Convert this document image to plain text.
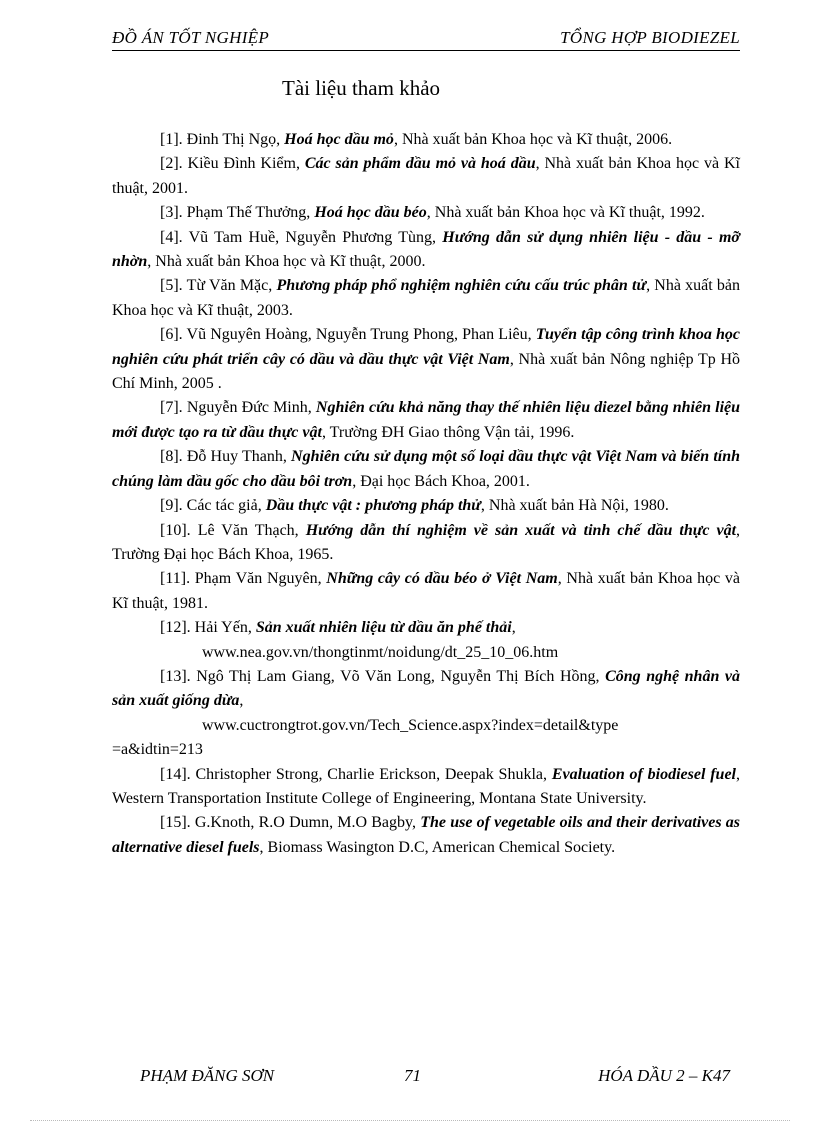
ĐỒ ÁN TỐT NGHIỆP	TỔNG HỢP BIODIEZEL
Tài liệu tham khảo

[1]. Đinh Thị Ngọ, Hoá học dầu mỏ, Nhà xuất bản Khoa học và Kĩ thuật, 2006.

[2]. Kiều Đình Kiểm, Các sản phẩm dầu mỏ và hoá dầu, Nhà xuất bản Khoa học và Kĩ thuật, 2001.

[3]. Phạm Thế Thưởng, Hoá học dầu béo, Nhà xuất bản Khoa học và Kĩ thuật, 1992.

[4]. Vũ Tam Huề, Nguyễn Phương Tùng, Hướng dẫn sử dụng nhiên liệu - dầu - mỡ nhờn, Nhà xuất bản Khoa học và Kĩ thuật, 2000.

[5]. Từ Văn Mặc, Phương pháp phổ nghiệm nghiên cứu cấu trúc phân tử, Nhà xuất bản Khoa học và Kĩ thuật, 2003.

[6]. Vũ Nguyên Hoàng, Nguyễn Trung Phong, Phan Liêu, Tuyển tập công trình khoa học nghiên cứu phát triển cây có dầu và dầu thực vật Việt Nam, Nhà xuất bản Nông nghiệp Tp Hồ Chí Minh, 2005 .

[7]. Nguyễn Đức Minh, Nghiên cứu khả năng thay thế nhiên liệu diezel bằng nhiên liệu mới được tạo ra từ dầu thực vật, Trường ĐH Giao thông Vận tải, 1996.

[8]. Đỗ Huy Thanh, Nghiên cứu sử dụng một số loại dầu thực vật Việt Nam và biến tính chúng làm dầu gốc cho dầu bôi trơn, Đại học Bách Khoa, 2001.

[9]. Các tác giả, Dầu thực vật : phương pháp thử, Nhà xuất bản Hà Nội, 1980.

[10]. Lê Văn Thạch, Hướng dẫn thí nghiệm về sản xuất và tinh chế dầu thực vật, Trường Đại học Bách Khoa, 1965.

[11]. Phạm Văn Nguyên, Những cây có dầu béo ở Việt Nam, Nhà xuất bản Khoa học và Kĩ thuật, 1981.

[12]. Hải Yến, Sản xuất nhiên liệu từ dầu ăn phế thải,
www.nea.gov.vn/thongtinmt/noidung/dt_25_10_06.htm

[13]. Ngô Thị Lam Giang, Võ Văn Long, Nguyễn Thị Bích Hồng, Công nghệ nhân và sản xuất giống dừa,
www.cuctrongtrot.gov.vn/Tech_Science.aspx?index=detail&type
=a&idtin=213

[14]. Christopher Strong, Charlie Erickson, Deepak Shukla, Evaluation of biodiesel fuel, Western Transportation Institute College of Engineering, Montana State University.

[15]. G.Knoth, R.O Dumn, M.O Bagby, The use of vegetable oils and their derivatives as alternative diesel fuels, Biomass Wasington D.C, American Chemical Society.

PHẠM ĐĂNG SƠN	71	HÓA DẦU 2 – K47
